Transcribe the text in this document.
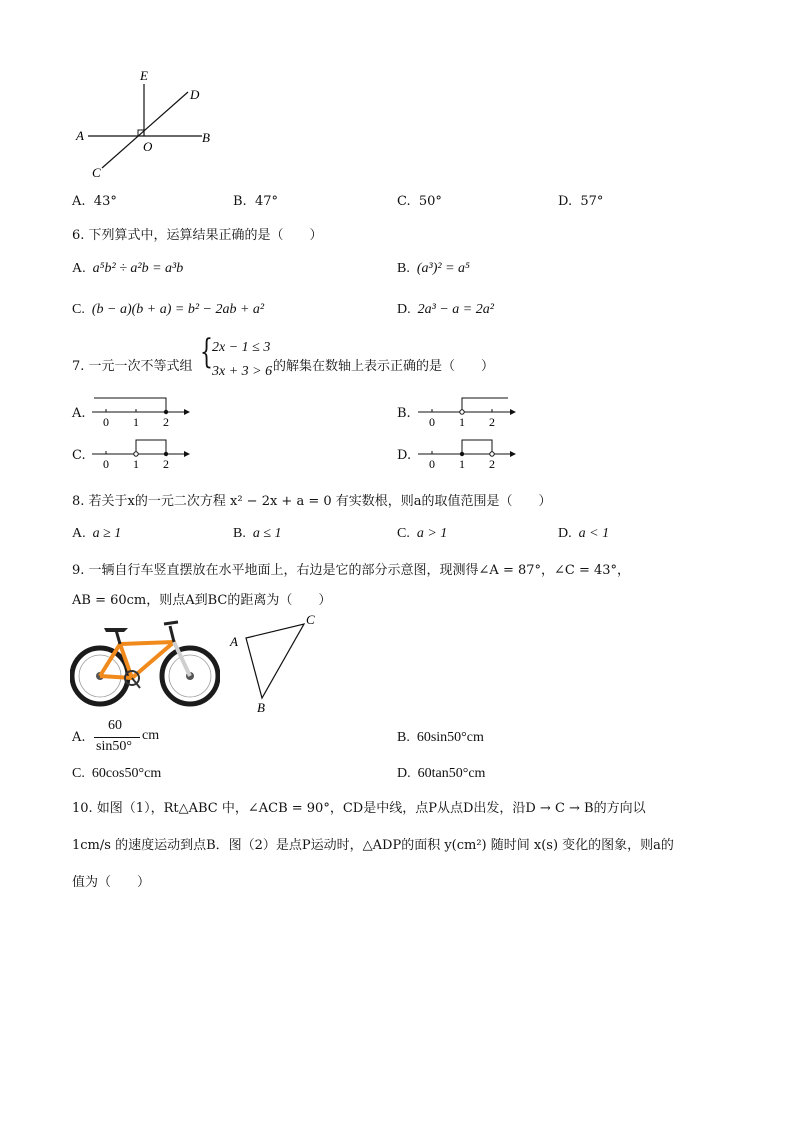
E
D
A
O
B
C
A. 43°	B. 47°	C. 50°	D. 57°
6. 下列算式中，运算结果正确的是（　　）
A. a⁵b² ÷ a²b = a³b	B. (a³)² = a⁵
C. (b − a)(b + a) = b² − 2ab + a²	D. 2a³ − a = 2a²
7. 一元一次不等式组 { 2x − 1 ≤ 3
3x + 3 > 6 的解集在数轴上表示正确的是（　　）
A.
0 1 2
B.
0 1 2
C.
0 1 2
D.
0 1 2
8. 若关于x的一元二次方程 x² − 2x + a = 0 有实数根，则a的取值范围是（　　）
A. a ≥ 1	B. a ≤ 1	C. a > 1	D. a < 1
9. 一辆自行车竖直摆放在水平地面上，右边是它的部分示意图，现测得∠A = 87°，∠C = 43°，
AB = 60cm，则点A到BC的距离为（　　）
A
C
B
A.
60
sin50°
cm	B. 60sin50°cm
C. 60cos50°cm	D. 60tan50°cm
10. 如图（1），Rt△ABC 中，∠ACB = 90°，CD是中线，点P从点D出发，沿D → C → B的方向以
1cm/s 的速度运动到点B．图（2）是点P运动时，△ADP的面积 y(cm²) 随时间 x(s) 变化的图象，则a的
值为（　　）
